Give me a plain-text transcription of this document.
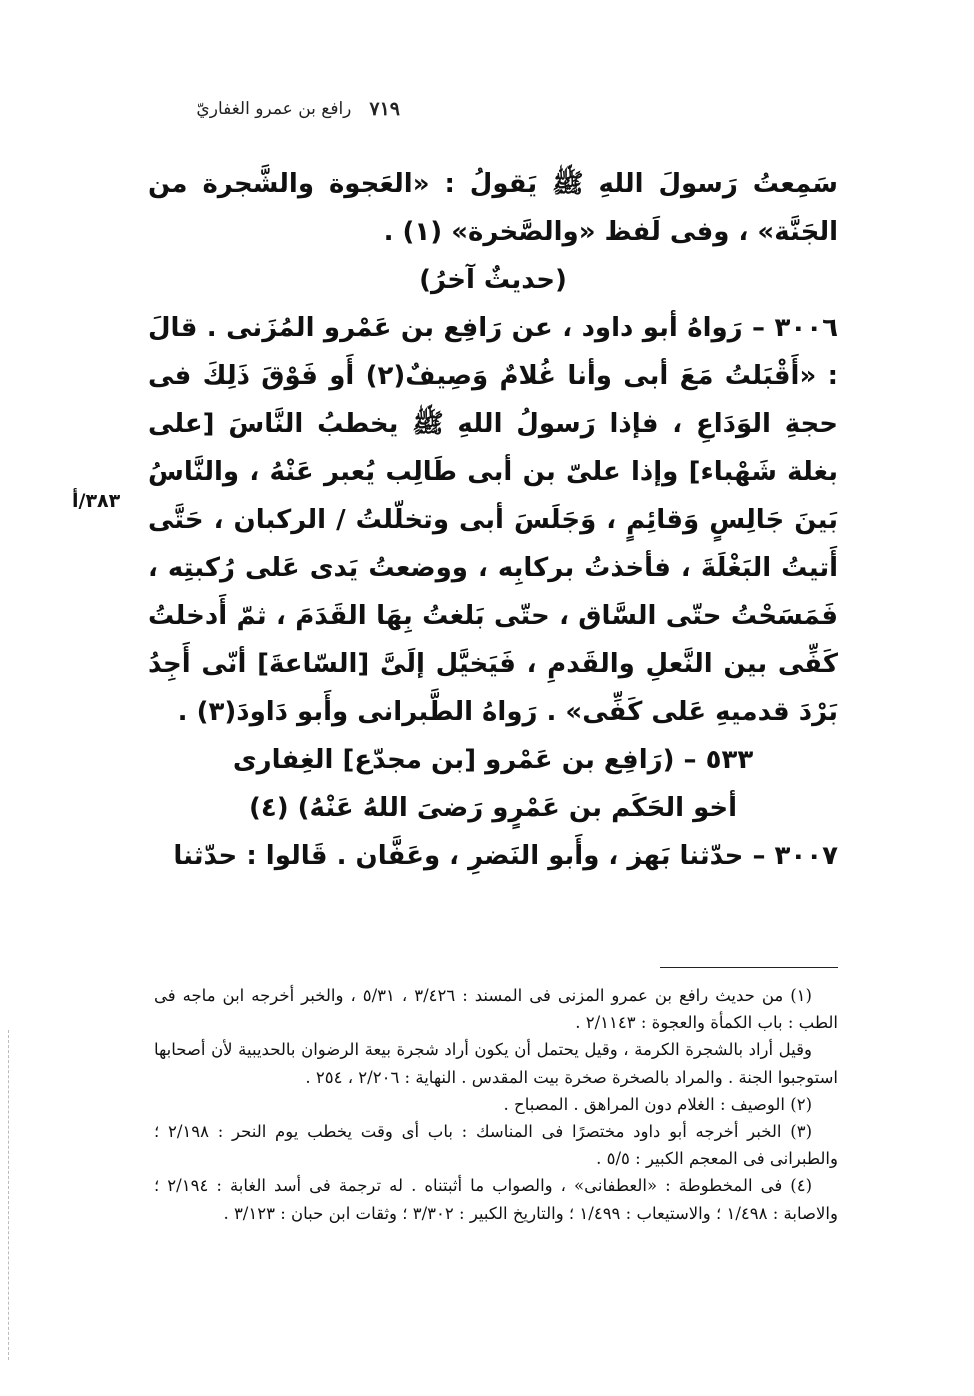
٧١٩
رافع بن عمرو الغفاريّ

سَمِعتُ رَسولَ اللهِ ﷺ يَقولُ : «العَجوة والشَّجرة من الجَنَّة» ، وفى لَفظ «والصَّخرة» (١) .

(حديثٌ آخرُ)

٣٠٠٦ – رَواهُ أبو داود ، عن رَافِع بن عَمْرو المُزَنى . قالَ : «أَقْبَلتُ مَعَ أبى وأنا غُلامٌ وَصِيفٌ(٢) أَو فَوْقَ ذَلِكَ فى حجةِ الوَدَاعِ ، فإذا رَسولُ اللهِ ﷺ يخطبُ النَّاسَ [على بغلة شَهْباء] وإذا علىّ بن أبى طَالِب يُعبر عَنْهُ ، والنَّاسُ بَينَ جَالِسٍ وَقائِمٍ ، وَجَلَسَ أبى وتخلّلتُ / الركبان ، حَتَّى أَتيتُ البَغْلَةَ ، فأخذتُ بركابِه ، ووضعتُ يَدى عَلى رُكبتِه ، فَمَسَحْتُ حتّى السَّاق ، حتّى بَلغتُ بِهَا القَدَمَ ، ثمّ أَدخلتُ كَفِّى بين النَّعلِ والقَدمِ ، فَيَخيَّل إلَىَّ [السّاعةَ] أنّى أَجِدُ بَرْدَ قدميهِ عَلى كَفِّى» . رَواهُ الطَّبرانى وأَبو دَاودَ(٣) .

٥٣٣ – (رَافِع بن عَمْرو [بن مجدّع] الغِفارى

أخو الحَكَم بن عَمْرٍو رَضىَ اللهُ عَنْهُ) (٤)

٣٠٠٧ – حدّثنا بَهز ، وأَبو النَضرِ ، وعَفَّان . قَالوا : حدّثنا

٣٨٣/أ

(١) من حديث رافع بن عمرو المزنى فى المسند : ٣/٤٢٦ ، ٥/٣١ ، والخبر أخرجه ابن ماجه فى الطب : باب الكمأة والعجوة : ٢/١١٤٣ .

وقيل أراد بالشجرة الكرمة ، وقيل يحتمل أن يكون أراد شجرة بيعة الرضوان بالحديبية لأن أصحابها استوجبوا الجنة . والمراد بالصخرة صخرة بيت المقدس . النهاية : ٢/٢٠٦ ، ٢٥٤ .

(٢) الوصيف : الغلام دون المراهق . المصباح .

(٣) الخبر أخرجه أبو داود مختصرًا فى المناسك : باب أى وقت يخطب يوم النحر : ٢/١٩٨ ؛ والطبرانى فى المعجم الكبير : ٥/٥ .

(٤) فى المخطوطة : «العطفانى» ، والصواب ما أثبتناه . له ترجمة فى أسد الغابة : ٢/١٩٤ ؛ والاصابة : ١/٤٩٨ ؛ والاستيعاب : ١/٤٩٩ ؛ والتاريخ الكبير : ٣/٣٠٢ ؛ وثقات ابن حبان : ٣/١٢٣ .
